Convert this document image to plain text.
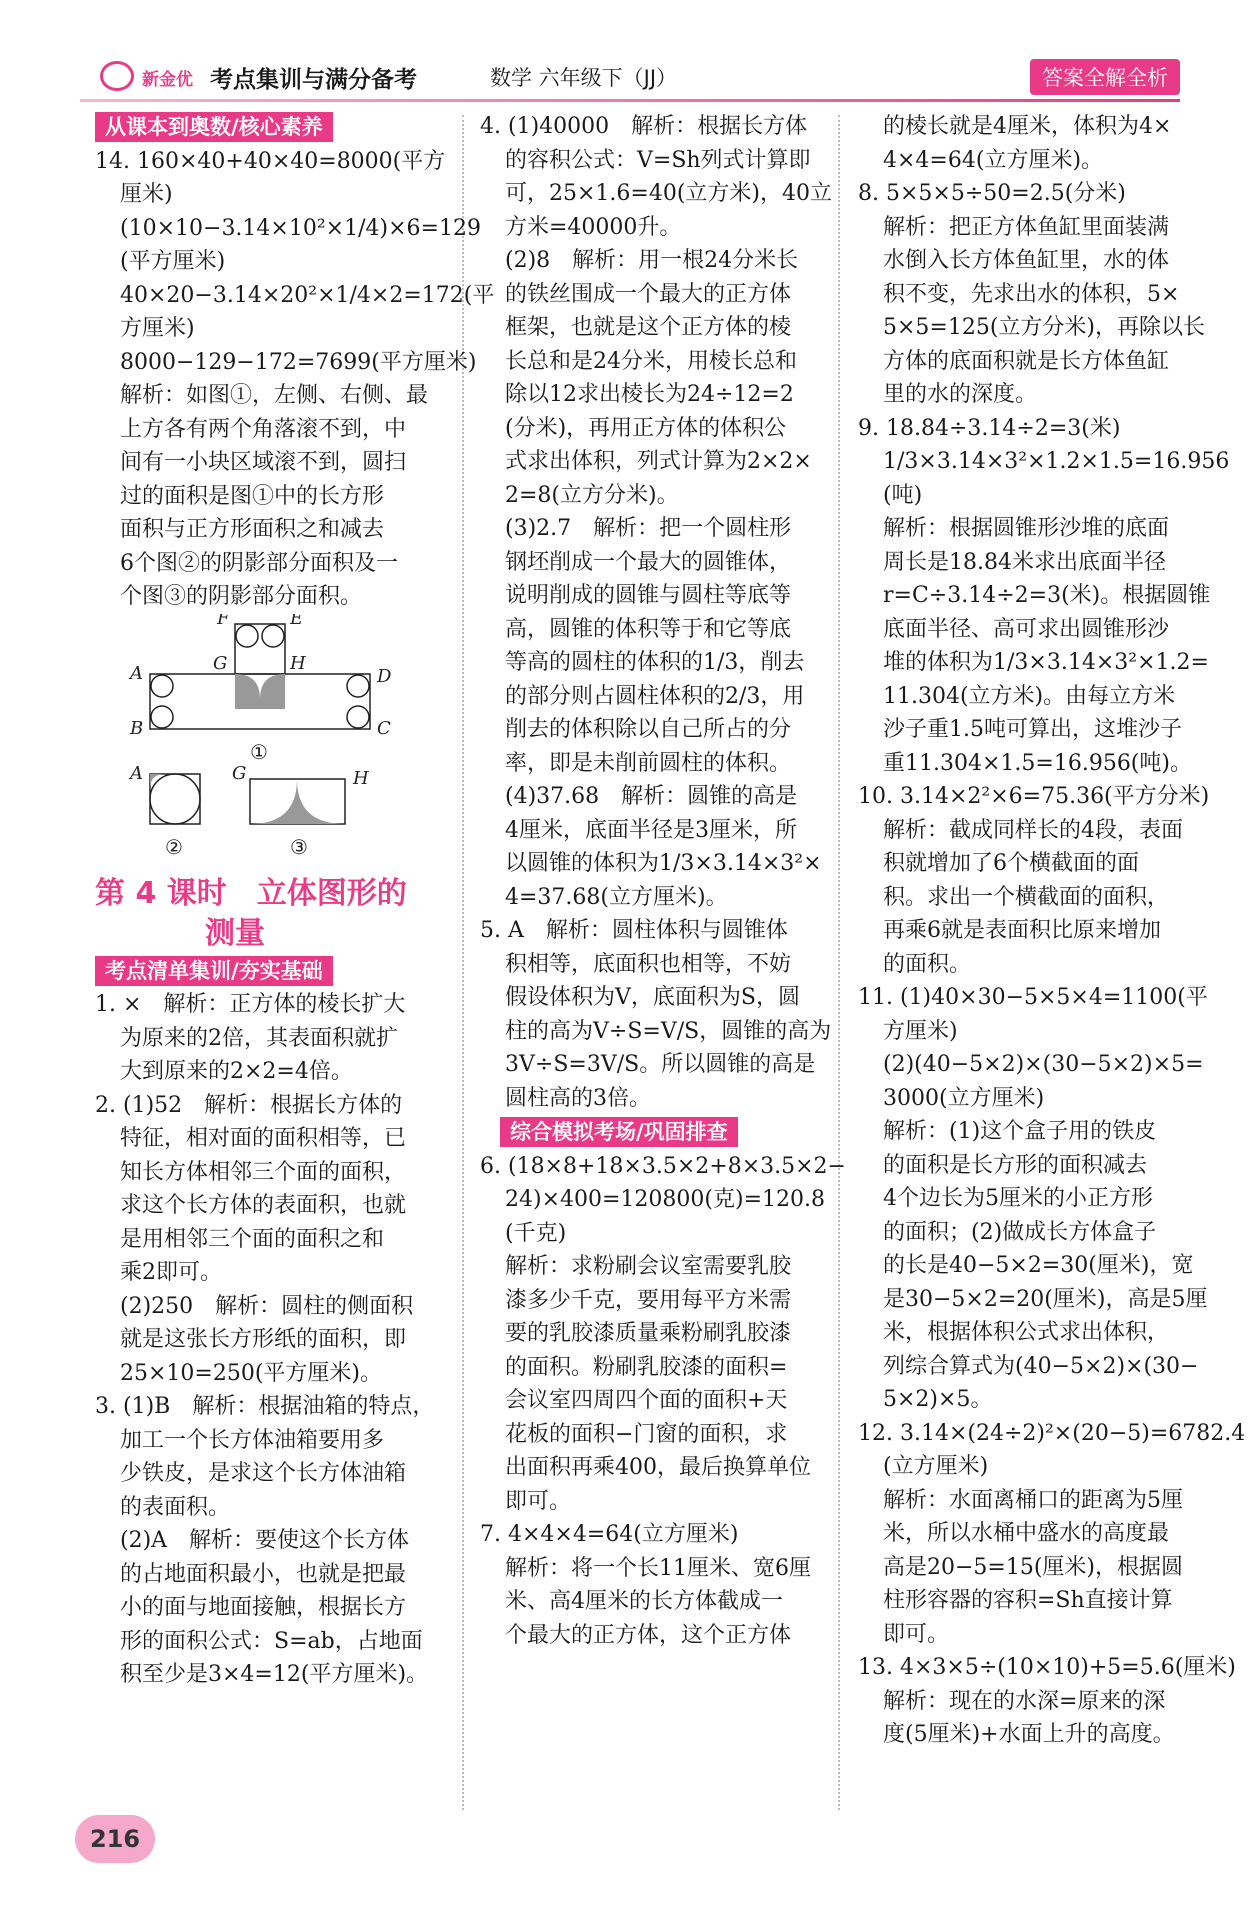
新金优 考点集训与满分备考	数学 六年级下（JJ）	答案全解全析
从课本到奥数/核心素养
14. 160×40+40×40=8000(平方
厘米)
(10×10−3.14×10²×1/4)×6=129
(平方厘米)
40×20−3.14×20²×1/4×2=172(平
方厘米)
8000−129−172=7699(平方厘米)
解析：如图①，左侧、右侧、最
上方各有两个角落滚不到，中
间有一小块区域滚不到，圆扫
过的面积是图①中的长方形
面积与正方形面积之和减去
6个图②的阴影部分面积及一
个图③的阴影部分面积。
F	E
G	H
A	D
B	C
A	G	H
①
②	③
第 4 课时　立体图形的
测量
考点清单集训/夯实基础
1. ×　解析：正方体的棱长扩大
为原来的2倍，其表面积就扩
大到原来的2×2=4倍。
2. (1)52　解析：根据长方体的
特征，相对面的面积相等，已
知长方体相邻三个面的面积，
求这个长方体的表面积，也就
是用相邻三个面的面积之和
乘2即可。
(2)250　解析：圆柱的侧面积
就是这张长方形纸的面积，即
25×10=250(平方厘米)。
3. (1)B　解析：根据油箱的特点，
加工一个长方体油箱要用多
少铁皮，是求这个长方体油箱
的表面积。
(2)A　解析：要使这个长方体
的占地面积最小，也就是把最
小的面与地面接触，根据长方
形的面积公式：S=ab，占地面
积至少是3×4=12(平方厘米)。
4. (1)40000　解析：根据长方体
的容积公式：V=Sh列式计算即
可，25×1.6=40(立方米)，40立
方米=40000升。
(2)8　解析：用一根24分米长
的铁丝围成一个最大的正方体
框架，也就是这个正方体的棱
长总和是24分米，用棱长总和
除以12求出棱长为24÷12=2
(分米)，再用正方体的体积公
式求出体积，列式计算为2×2×
2=8(立方分米)。
(3)2.7　解析：把一个圆柱形
钢坯削成一个最大的圆锥体，
说明削成的圆锥与圆柱等底等
高，圆锥的体积等于和它等底
等高的圆柱的体积的1/3，削去
的部分则占圆柱体积的2/3，用
削去的体积除以自己所占的分
率，即是未削前圆柱的体积。
(4)37.68　解析：圆锥的高是
4厘米，底面半径是3厘米，所
以圆锥的体积为1/3×3.14×3²×
4=37.68(立方厘米)。
5. A　解析：圆柱体积与圆锥体
积相等，底面积也相等，不妨
假设体积为V，底面积为S，圆
柱的高为V÷S=V/S，圆锥的高为
3V÷S=3V/S。所以圆锥的高是
圆柱高的3倍。
综合模拟考场/巩固排查
6. (18×8+18×3.5×2+8×3.5×2−
24)×400=120800(克)=120.8
(千克)
解析：求粉刷会议室需要乳胶
漆多少千克，要用每平方米需
要的乳胶漆质量乘粉刷乳胶漆
的面积。粉刷乳胶漆的面积=
会议室四周四个面的面积+天
花板的面积−门窗的面积，求
出面积再乘400，最后换算单位
即可。
7. 4×4×4=64(立方厘米)
解析：将一个长11厘米、宽6厘
米、高4厘米的长方体截成一
个最大的正方体，这个正方体
的棱长就是4厘米，体积为4×
4×4=64(立方厘米)。
8. 5×5×5÷50=2.5(分米)
解析：把正方体鱼缸里面装满
水倒入长方体鱼缸里，水的体
积不变，先求出水的体积，5×
5×5=125(立方分米)，再除以长
方体的底面积就是长方体鱼缸
里的水的深度。
9. 18.84÷3.14÷2=3(米)
1/3×3.14×3²×1.2×1.5=16.956
(吨)
解析：根据圆锥形沙堆的底面
周长是18.84米求出底面半径
r=C÷3.14÷2=3(米)。根据圆锥
底面半径、高可求出圆锥形沙
堆的体积为1/3×3.14×3²×1.2=
11.304(立方米)。由每立方米
沙子重1.5吨可算出，这堆沙子
重11.304×1.5=16.956(吨)。
10. 3.14×2²×6=75.36(平方分米)
解析：截成同样长的4段，表面
积就增加了6个横截面的面
积。求出一个横截面的面积，
再乘6就是表面积比原来增加
的面积。
11. (1)40×30−5×5×4=1100(平
方厘米)
(2)(40−5×2)×(30−5×2)×5=
3000(立方厘米)
解析：(1)这个盒子用的铁皮
的面积是长方形的面积减去
4个边长为5厘米的小正方形
的面积；(2)做成长方体盒子
的长是40−5×2=30(厘米)，宽
是30−5×2=20(厘米)，高是5厘
米，根据体积公式求出体积，
列综合算式为(40−5×2)×(30−
5×2)×5。
12. 3.14×(24÷2)²×(20−5)=6782.4
(立方厘米)
解析：水面离桶口的距离为5厘
米，所以水桶中盛水的高度最
高是20−5=15(厘米)，根据圆
柱形容器的容积=Sh直接计算
即可。
13. 4×3×5÷(10×10)+5=5.6(厘米)
解析：现在的水深=原来的深
度(5厘米)+水面上升的高度。
216
